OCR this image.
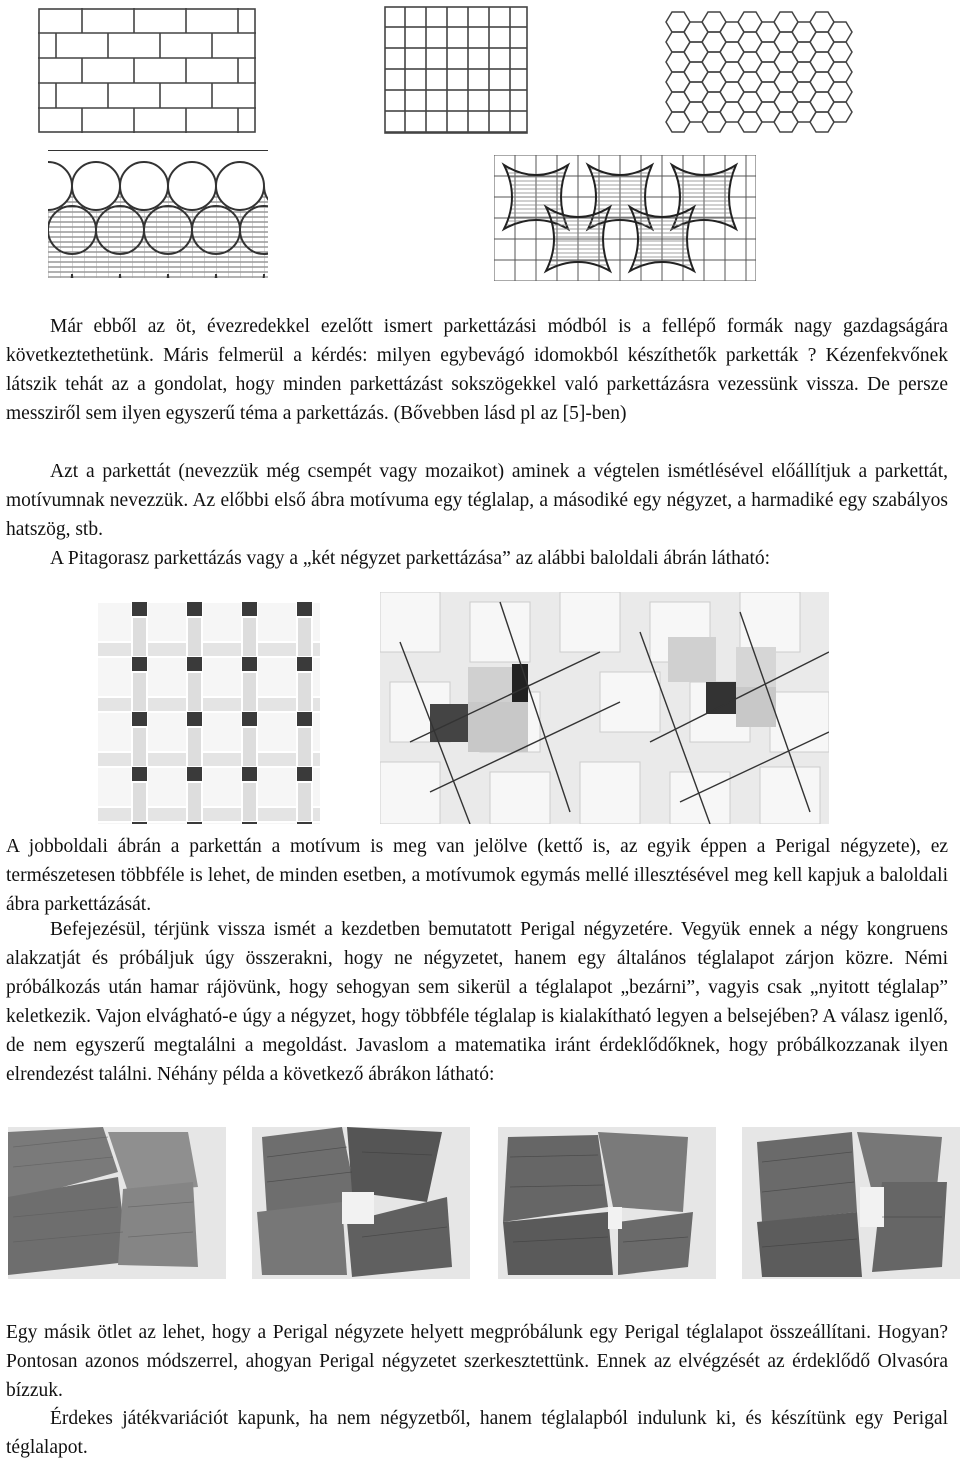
Már ebből az öt, évezredekkel ezelőtt ismert parkettázási módból is a fellépő formák nagy gazdagságára következtethetünk. Máris felmerül a kérdés: milyen egybevágó idomokból készíthetők parketták ? Kézenfekvőnek látszik tehát az a gondolat, hogy minden parkettázást sokszögekkel való parkettázásra vezessünk vissza. De persze messziről sem ilyen egyszerű téma a parkettázás. (Bővebben lásd pl az [5]-ben)

Azt a parkettát (nevezzük még csempét vagy mozaikot) aminek a végtelen ismétlésével előállítjuk a parkettát, motívumnak nevezzük. Az előbbi első ábra motívuma egy téglalap, a másodiké egy négyzet, a harmadiké egy szabályos hatszög, stb.

A Pitagorasz parkettázás vagy a „két négyzet parkettázása” az alábbi baloldali ábrán látható:

A jobboldali ábrán a parkettán a motívum is meg van jelölve (kettő is, az egyik éppen a Perigal négyzete), ez természetesen többféle is lehet, de minden esetben, a motívumok egymás mellé illesztésével meg kell kapjuk a baloldali ábra parkettázását.

Befejezésül, térjünk vissza ismét a kezdetben bemutatott Perigal négyzetére. Vegyük ennek a négy kongruens alakzatját és próbáljuk úgy összerakni, hogy ne négyzetet, hanem egy általános téglalapot zárjon közre. Némi próbálkozás után hamar rájövünk, hogy sehogyan sem sikerül a téglalapot „bezárni”, vagyis csak „nyitott téglalap” keletkezik. Vajon elvágható-e úgy a négyzet, hogy többféle téglalap is kialakítható legyen a belsejében? A válasz igenlő, de nem egyszerű megtalálni a megoldást. Javaslom a matematika iránt érdeklődőknek, hogy próbálkozzanak ilyen elrendezést találni. Néhány példa a következő ábrákon látható:

Egy másik ötlet az lehet, hogy a Perigal négyzete helyett megpróbálunk egy Perigal téglalapot összeállítani. Hogyan? Pontosan azonos módszerrel, ahogyan Perigal négyzetet szerkesztettünk. Ennek az elvégzését az érdeklődő Olvasóra bízzuk.

Érdekes játékvariációt kapunk, ha nem négyzetből, hanem téglalapból indulunk ki, és készítünk egy Perigal téglalapot.
